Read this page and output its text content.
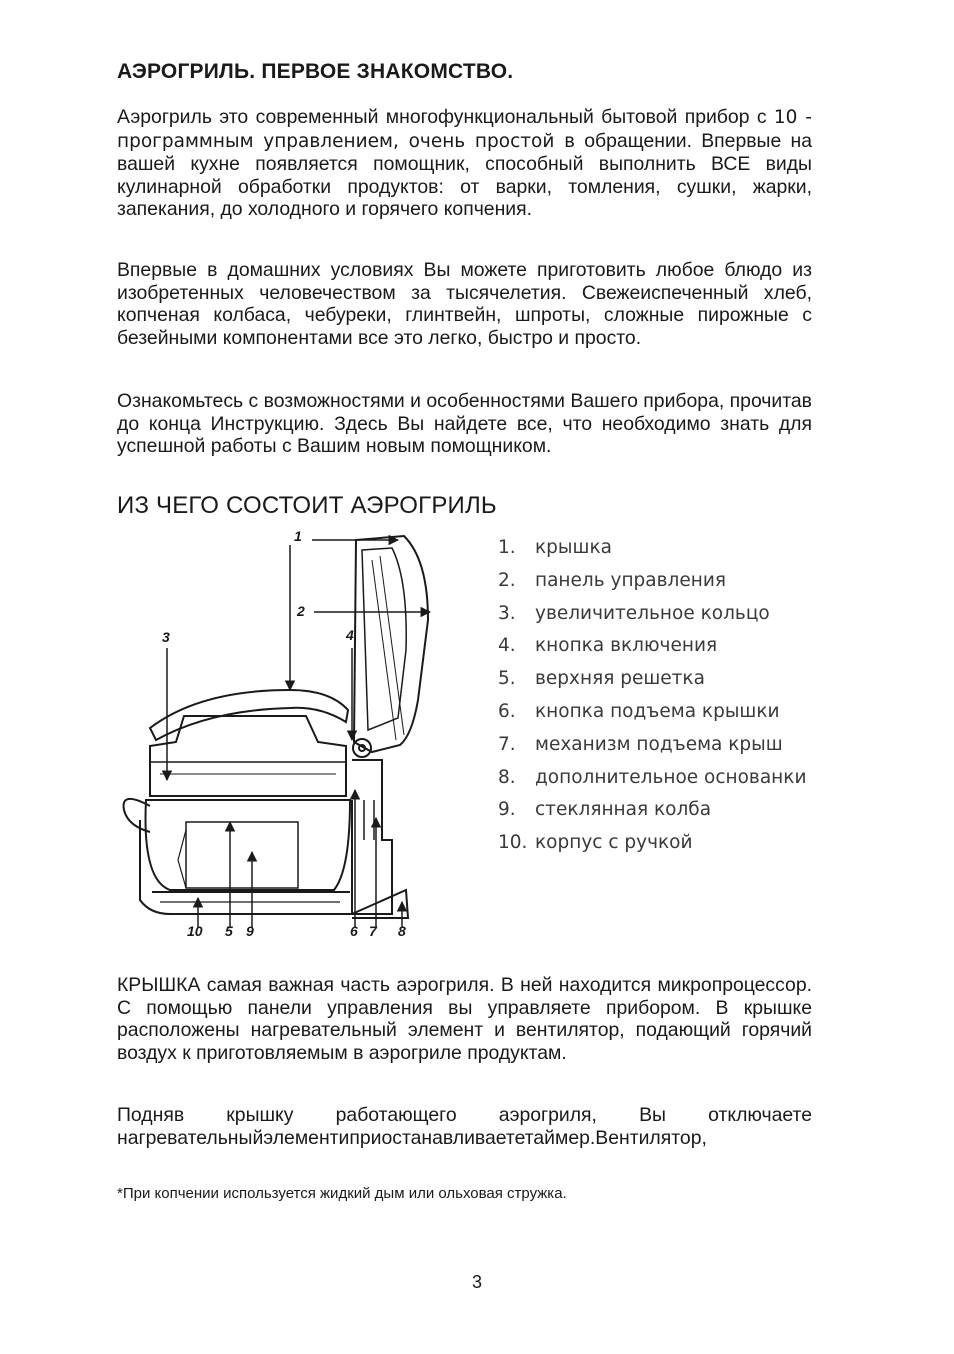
АЭРОГРИЛЬ. ПЕРВОЕ ЗНАКОМСТВО.
Аэрогриль это современный многофункциональный бытовой прибор с 10 - программным управлением, очень простой в обращении. Впервые на вашей кухне появляется помощник, способный выполнить ВСЕ виды кулинарной обработки продуктов: от варки, томления, сушки, жарки, запекания, до холодного и горячего копчения.
Впервые в домашних условиях Вы можете приготовить любое блюдо из изобретенных человечеством за тысячелетия. Свежеиспеченный хлеб, копченая колбаса, чебуреки, глинтвейн, шпроты, сложные пирожные с безейными компонентами все это легко, быстро и просто.
Ознакомьтесь с возможностями и особенностями Вашего прибора, прочитав до конца Инструкцию. Здесь Вы найдете все, что необходимо знать для успешной работы с Вашим новым помощником.
ИЗ ЧЕГО СОСТОИТ АЭРОГРИЛЬ
1
2
3	4
10 5 9	6 7 8
1. крышка
2. панель управления
3. увеличительное кольцо
4. кнопка включения
5. верхняя решетка
6. кнопка подъема крышки
7. механизм подъема крыш
8. дополнительное основанки
9. стеклянная колба
10. корпус с ручкой
КРЫШКА самая важная часть аэрогриля. В ней находится микропроцессор. С помощью панели управления вы управляете прибором. В крышке расположены нагревательный элемент и вентилятор, подающий горячий воздух к приготовляемым в аэрогриле продуктам.
Подняв крышку работающего аэрогриля, Вы отключаете нагревательныйэлементиприостанавливаететаймер.Вентилятор,
*При копчении используется жидкий дым или ольховая стружка.
3
